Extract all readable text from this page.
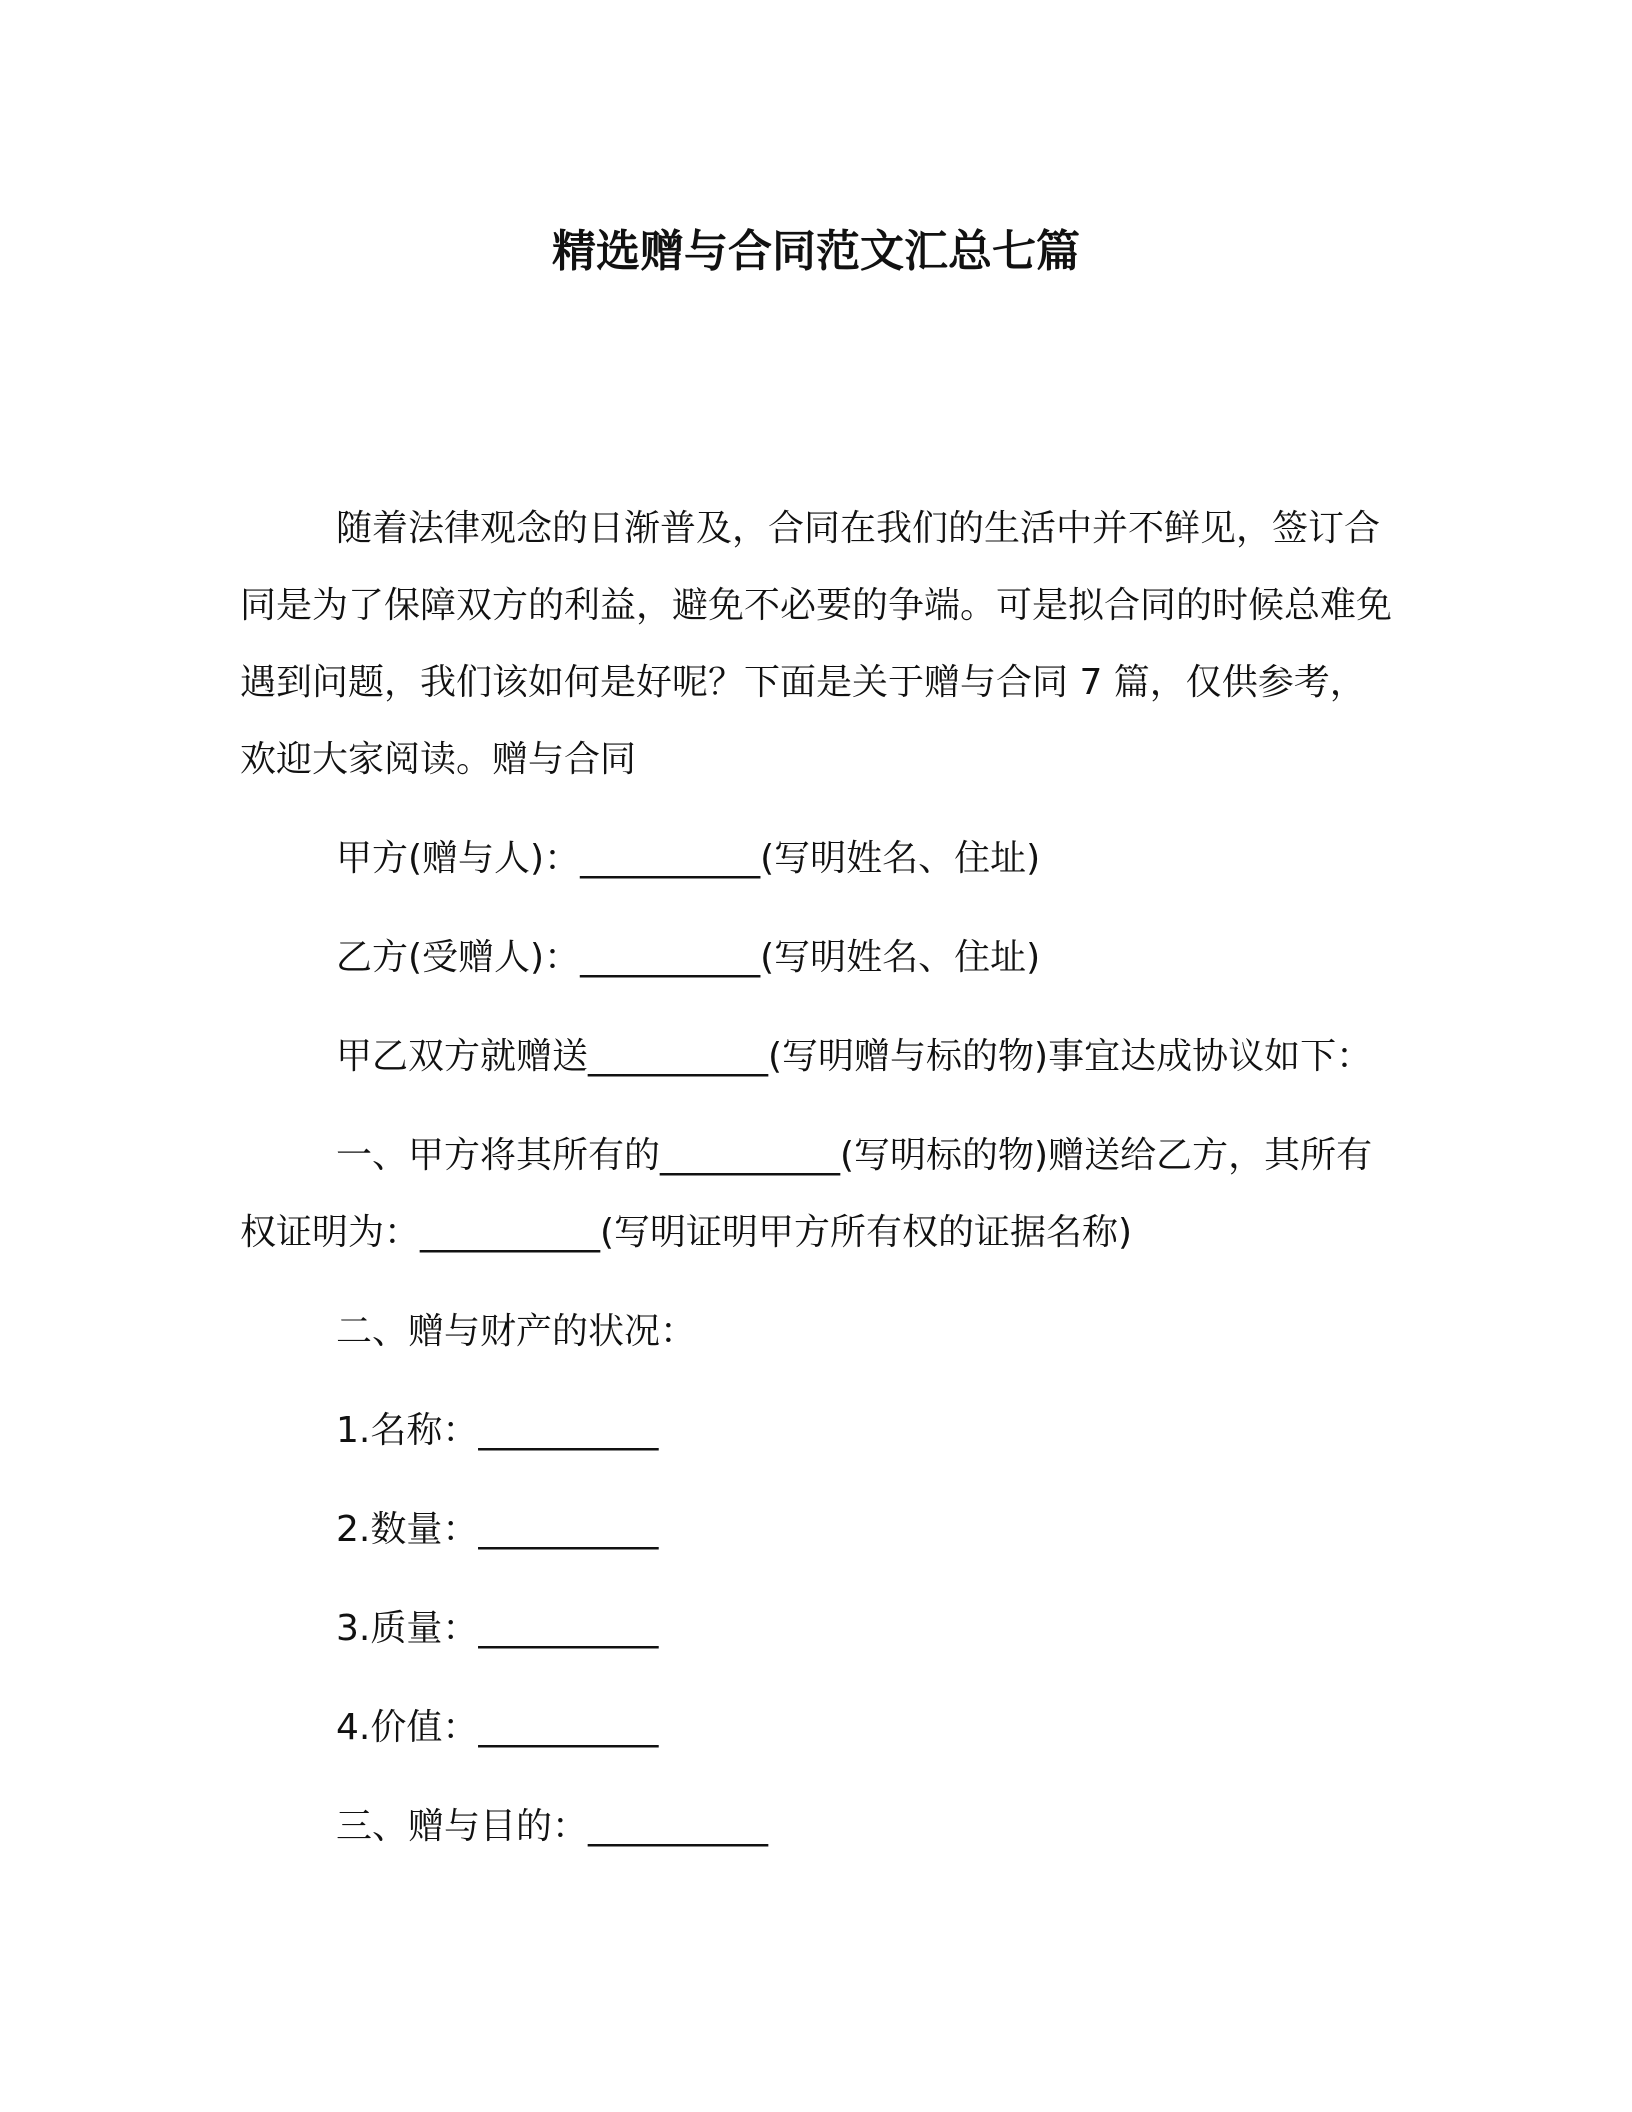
精选赠与合同范文汇总七篇

随着法律观念的日渐普及，合同在我们的生活中并不鲜见，签订合同是为了保障双方的利益，避免不必要的争端。可是拟合同的时候总难免遇到问题，我们该如何是好呢？下面是关于赠与合同 7 篇，仅供参考，欢迎大家阅读。赠与合同

甲方(赠与人)：__________(写明姓名、住址)

乙方(受赠人)：__________(写明姓名、住址)

甲乙双方就赠送__________(写明赠与标的物)事宜达成协议如下：

一、甲方将其所有的__________(写明标的物)赠送给乙方，其所有权证明为：__________(写明证明甲方所有权的证据名称)

二、赠与财产的状况：

1.名称：__________

2.数量：__________

3.质量：__________

4.价值：__________

三、赠与目的：__________
